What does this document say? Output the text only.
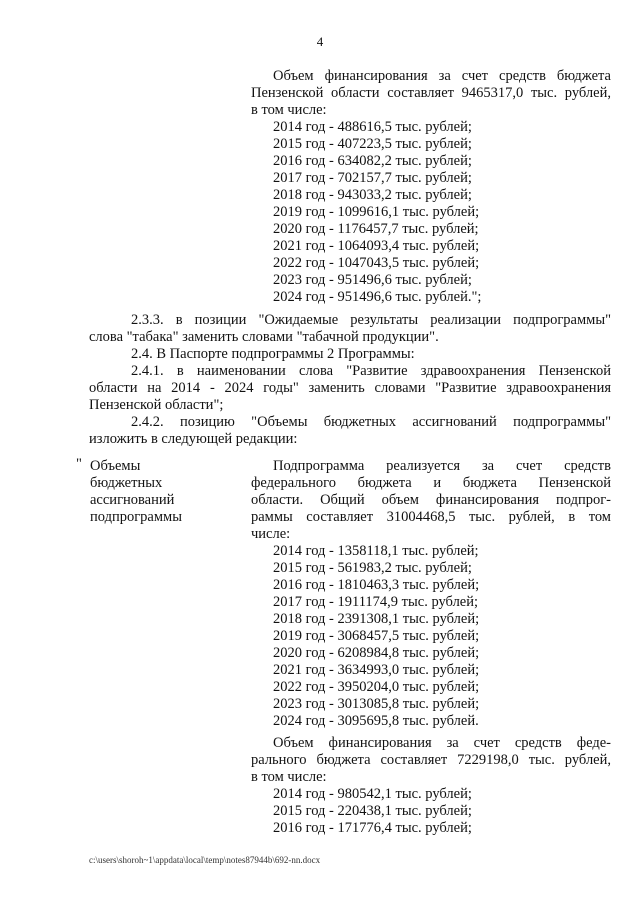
4
Объем финансирования за счет средств бюджета
Пензенской области составляет 9465317,0 тыс. рублей,
в том числе:
2014 год - 488616,5 тыс. рублей;
2015 год - 407223,5 тыс. рублей;
2016 год - 634082,2 тыс. рублей;
2017 год - 702157,7 тыс. рублей;
2018 год - 943033,2 тыс. рублей;
2019 год - 1099616,1 тыс. рублей;
2020 год - 1176457,7 тыс. рублей;
2021 год - 1064093,4 тыс. рублей;
2022 год - 1047043,5 тыс. рублей;
2023 год - 951496,6 тыс. рублей;
2024 год - 951496,6 тыс. рублей.";
2.3.3. в позиции "Ожидаемые результаты реализации подпрограммы"
слова "табака" заменить словами "табачной продукции".
2.4. В Паспорте подпрограммы 2 Программы:
2.4.1. в наименовании слова "Развитие здравоохранения Пензенской
области на 2014 - 2024 годы" заменить словами "Развитие здравоохранения
Пензенской области";
2.4.2. позицию "Объемы бюджетных ассигнований подпрограммы"
изложить в следующей редакции:
" Объемы
бюджетных
ассигнований
подпрограммы
Подпрограмма реализуется за счет средств
федерального бюджета и бюджета Пензенской
области. Общий объем финансирования подпрог-
раммы составляет 31004468,5 тыс. рублей, в том
числе:
2014 год - 1358118,1 тыс. рублей;
2015 год - 561983,2 тыс. рублей;
2016 год - 1810463,3 тыс. рублей;
2017 год - 1911174,9 тыс. рублей;
2018 год - 2391308,1 тыс. рублей;
2019 год - 3068457,5 тыс. рублей;
2020 год - 6208984,8 тыс. рублей;
2021 год - 3634993,0 тыс. рублей;
2022 год - 3950204,0 тыс. рублей;
2023 год - 3013085,8 тыс. рублей;
2024 год - 3095695,8 тыс. рублей.
Объем финансирования за счет средств феде-
рального бюджета составляет 7229198,0 тыс. рублей,
в том числе:
2014 год - 980542,1 тыс. рублей;
2015 год - 220438,1 тыс. рублей;
2016 год - 171776,4 тыс. рублей;
c:\users\shoroh~1\appdata\local\temp\notes87944b\692-nn.docx
